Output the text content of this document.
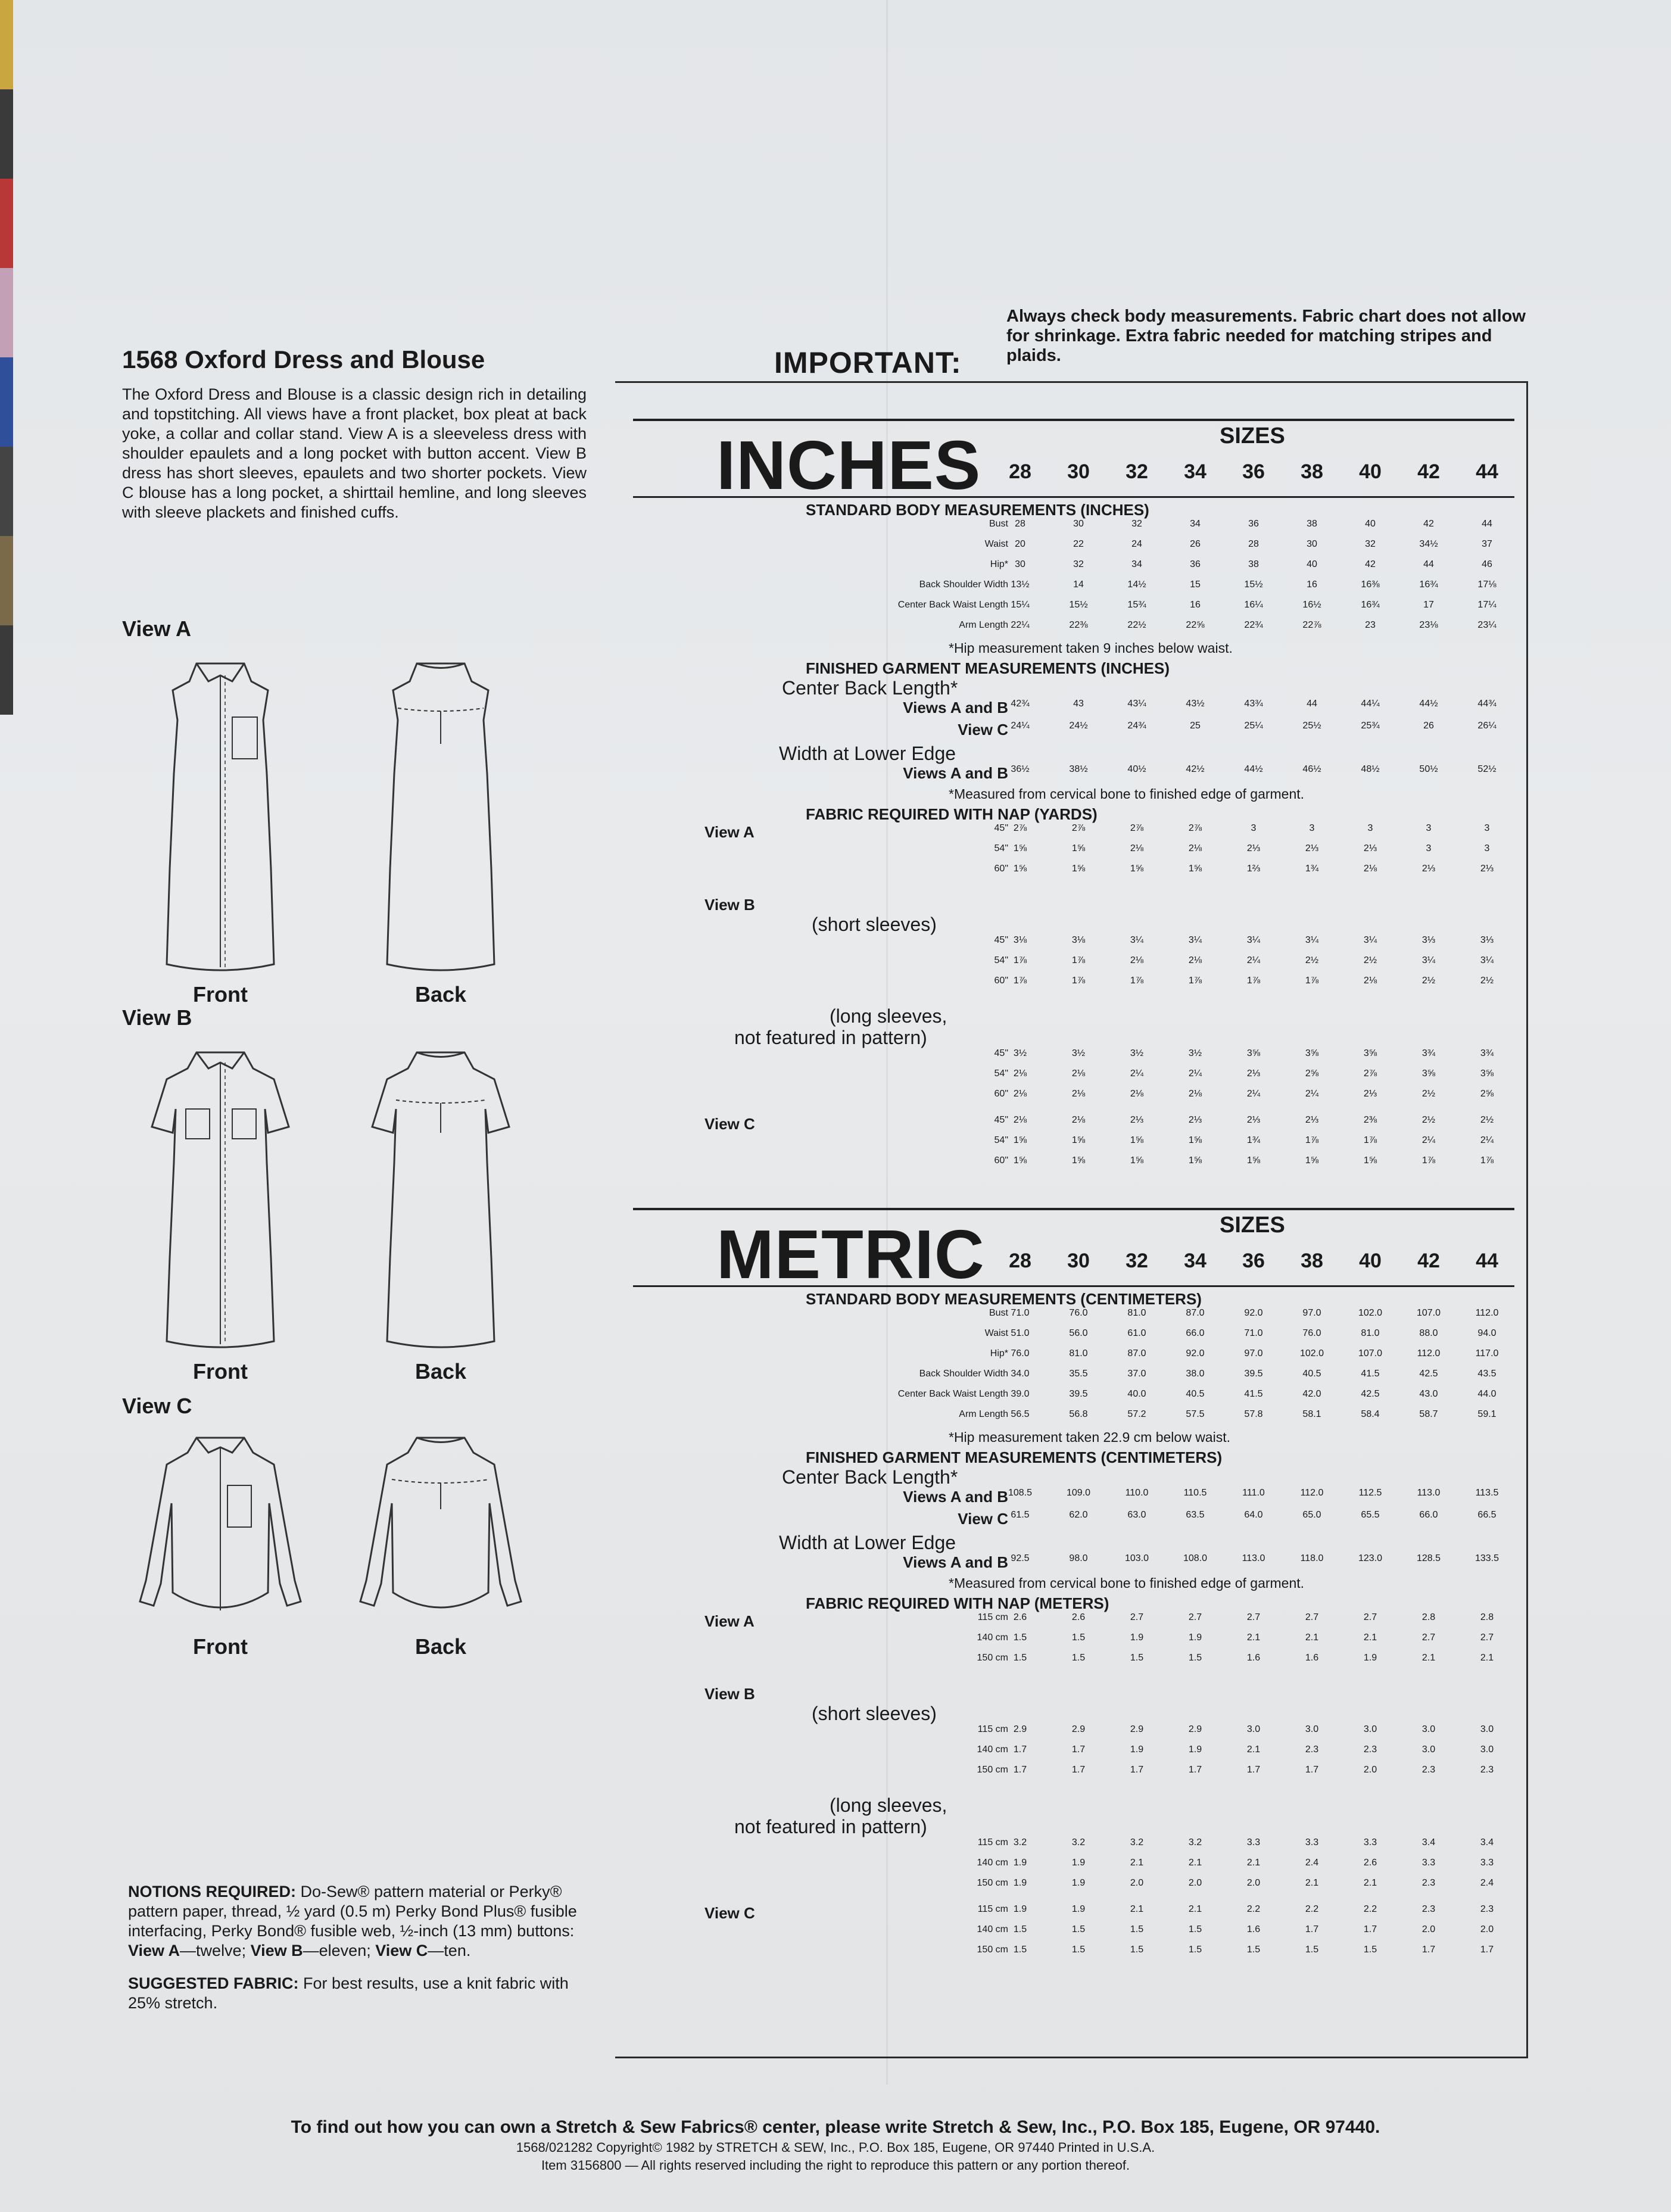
1568 Oxford Dress and Blouse

The Oxford Dress and Blouse is a classic design rich in detailing and topstitching. All views have a front placket, box pleat at back yoke, a collar and collar stand. View A is a sleeveless dress with shoulder epaulets and a long pocket with button accent. View B dress has short sleeves, epaulets and two shorter pockets. View C blouse has a long pocket, a shirttail hemline, and long sleeves with sleeve plackets and finished cuffs.

View A
Front	Back
View B
Front	Back
View C
Front	Back

NOTIONS REQUIRED: Do-Sew® pattern material or Perky® pattern paper, thread, ½ yard (0.5 m) Perky Bond Plus® fusible interfacing, Perky Bond® fusible web, ½-inch (13 mm) buttons: View A—twelve; View B—eleven; View C—ten.

SUGGESTED FABRIC: For best results, use a knit fabric with 25% stretch.

IMPORTANT:
Always check body measurements. Fabric chart does not allow for shrinkage. Extra fabric needed for matching stripes and plaids.
SIZES
INCHES	28	30	32	34	36	38	40	42	44
STANDARD BODY MEASUREMENTS (INCHES)
Bust 28	30	32	34	36	38	40	42	44
Waist 20	22	24	26	28	30	32	34½	37
Hip* 30	32	34	36	38	40	42	44	46
Back Shoulder Width 13½	14	14½	15	15½	16	16⅜	16¾	17⅛
Center Back Waist Length 15¼	15½	15¾	16	16¼	16½	16¾	17	17¼
Arm Length 22¼	22⅜	22½	22⅝	22¾	22⅞	23	23⅛	23¼
*Hip measurement taken 9 inches below waist.
FINISHED GARMENT MEASUREMENTS (INCHES)
Center Back Length*
Views A and B 42¾	43	43¼	43½	43¾	44	44¼	44½	44¾
View C 24¼	24½	24¾	25	25¼	25½	25¾	26	26¼
Width at Lower Edge
Views A and B 36½	38½	40½	42½	44½	46½	48½	50½	52½
*Measured from cervical bone to finished edge of garment.
FABRIC REQUIRED WITH NAP (YARDS)
View A	45" 2⅞	2⅞	2⅞	2⅞	3	3	3	3	3
54" 1⅝	1⅝	2⅛	2⅛	2⅓	2⅓	2⅓	3	3
60" 1⅝	1⅝	1⅝	1⅝	1⅔	1¾	2⅛	2⅓	2⅓
View B
(short sleeves)
45" 3⅛	3⅛	3¼	3¼	3¼	3¼	3¼	3⅓	3⅓
54" 1⅞	1⅞	2⅛	2⅛	2¼	2½	2½	3¼	3¼
60" 1⅞	1⅞	1⅞	1⅞	1⅞	1⅞	2⅛	2½	2½
(long sleeves,
not featured in pattern)
45" 3½	3½	3½	3½	3⅝	3⅝	3⅝	3¾	3¾
54" 2⅛	2⅛	2¼	2¼	2⅓	2⅝	2⅞	3⅝	3⅝
60" 2⅛	2⅛	2⅛	2⅛	2¼	2¼	2⅓	2½	2⅝
View C	45" 2⅛	2⅛	2⅓	2⅓	2⅓	2⅓	2⅜	2½	2½
54" 1⅝	1⅝	1⅝	1⅝	1¾	1⅞	1⅞	2¼	2¼
60" 1⅝	1⅝	1⅝	1⅝	1⅝	1⅝	1⅝	1⅞	1⅞
SIZES
METRIC	28	30	32	34	36	38	40	42	44
STANDARD BODY MEASUREMENTS (CENTIMETERS)
Bust 71.0	76.0	81.0	87.0	92.0	97.0	102.0	107.0	112.0
Waist 51.0	56.0	61.0	66.0	71.0	76.0	81.0	88.0	94.0
Hip* 76.0	81.0	87.0	92.0	97.0	102.0	107.0	112.0	117.0
Back Shoulder Width 34.0	35.5	37.0	38.0	39.5	40.5	41.5	42.5	43.5
Center Back Waist Length 39.0	39.5	40.0	40.5	41.5	42.0	42.5	43.0	44.0
Arm Length 56.5	56.8	57.2	57.5	57.8	58.1	58.4	58.7	59.1
*Hip measurement taken 22.9 cm below waist.
FINISHED GARMENT MEASUREMENTS (CENTIMETERS)
Center Back Length*
Views A and B 108.5	109.0	110.0	110.5	111.0	112.0	112.5	113.0	113.5
View C 61.5	62.0	63.0	63.5	64.0	65.0	65.5	66.0	66.5
Width at Lower Edge
Views A and B 92.5	98.0	103.0	108.0	113.0	118.0	123.0	128.5	133.5
*Measured from cervical bone to finished edge of garment.
FABRIC REQUIRED WITH NAP (METERS)
View A	115 cm 2.6	2.6	2.7	2.7	2.7	2.7	2.7	2.8	2.8
140 cm 1.5	1.5	1.9	1.9	2.1	2.1	2.1	2.7	2.7
150 cm 1.5	1.5	1.5	1.5	1.6	1.6	1.9	2.1	2.1
View B
(short sleeves)
115 cm 2.9	2.9	2.9	2.9	3.0	3.0	3.0	3.0	3.0
140 cm 1.7	1.7	1.9	1.9	2.1	2.3	2.3	3.0	3.0
150 cm 1.7	1.7	1.7	1.7	1.7	1.7	2.0	2.3	2.3
(long sleeves,
not featured in pattern)
115 cm 3.2	3.2	3.2	3.2	3.3	3.3	3.3	3.4	3.4
140 cm 1.9	1.9	2.1	2.1	2.1	2.4	2.6	3.3	3.3
150 cm 1.9	1.9	2.0	2.0	2.0	2.1	2.1	2.3	2.4
View C	115 cm 1.9	1.9	2.1	2.1	2.2	2.2	2.2	2.3	2.3
140 cm 1.5	1.5	1.5	1.5	1.6	1.7	1.7	2.0	2.0
150 cm 1.5	1.5	1.5	1.5	1.5	1.5	1.5	1.7	1.7
To find out how you can own a Stretch & Sew Fabrics® center, please write Stretch & Sew, Inc., P.O. Box 185, Eugene, OR 97440.
1568/021282 Copyright© 1982 by STRETCH & SEW, Inc., P.O. Box 185, Eugene, OR 97440 Printed in U.S.A.
Item 3156800 — All rights reserved including the right to reproduce this pattern or any portion thereof.
